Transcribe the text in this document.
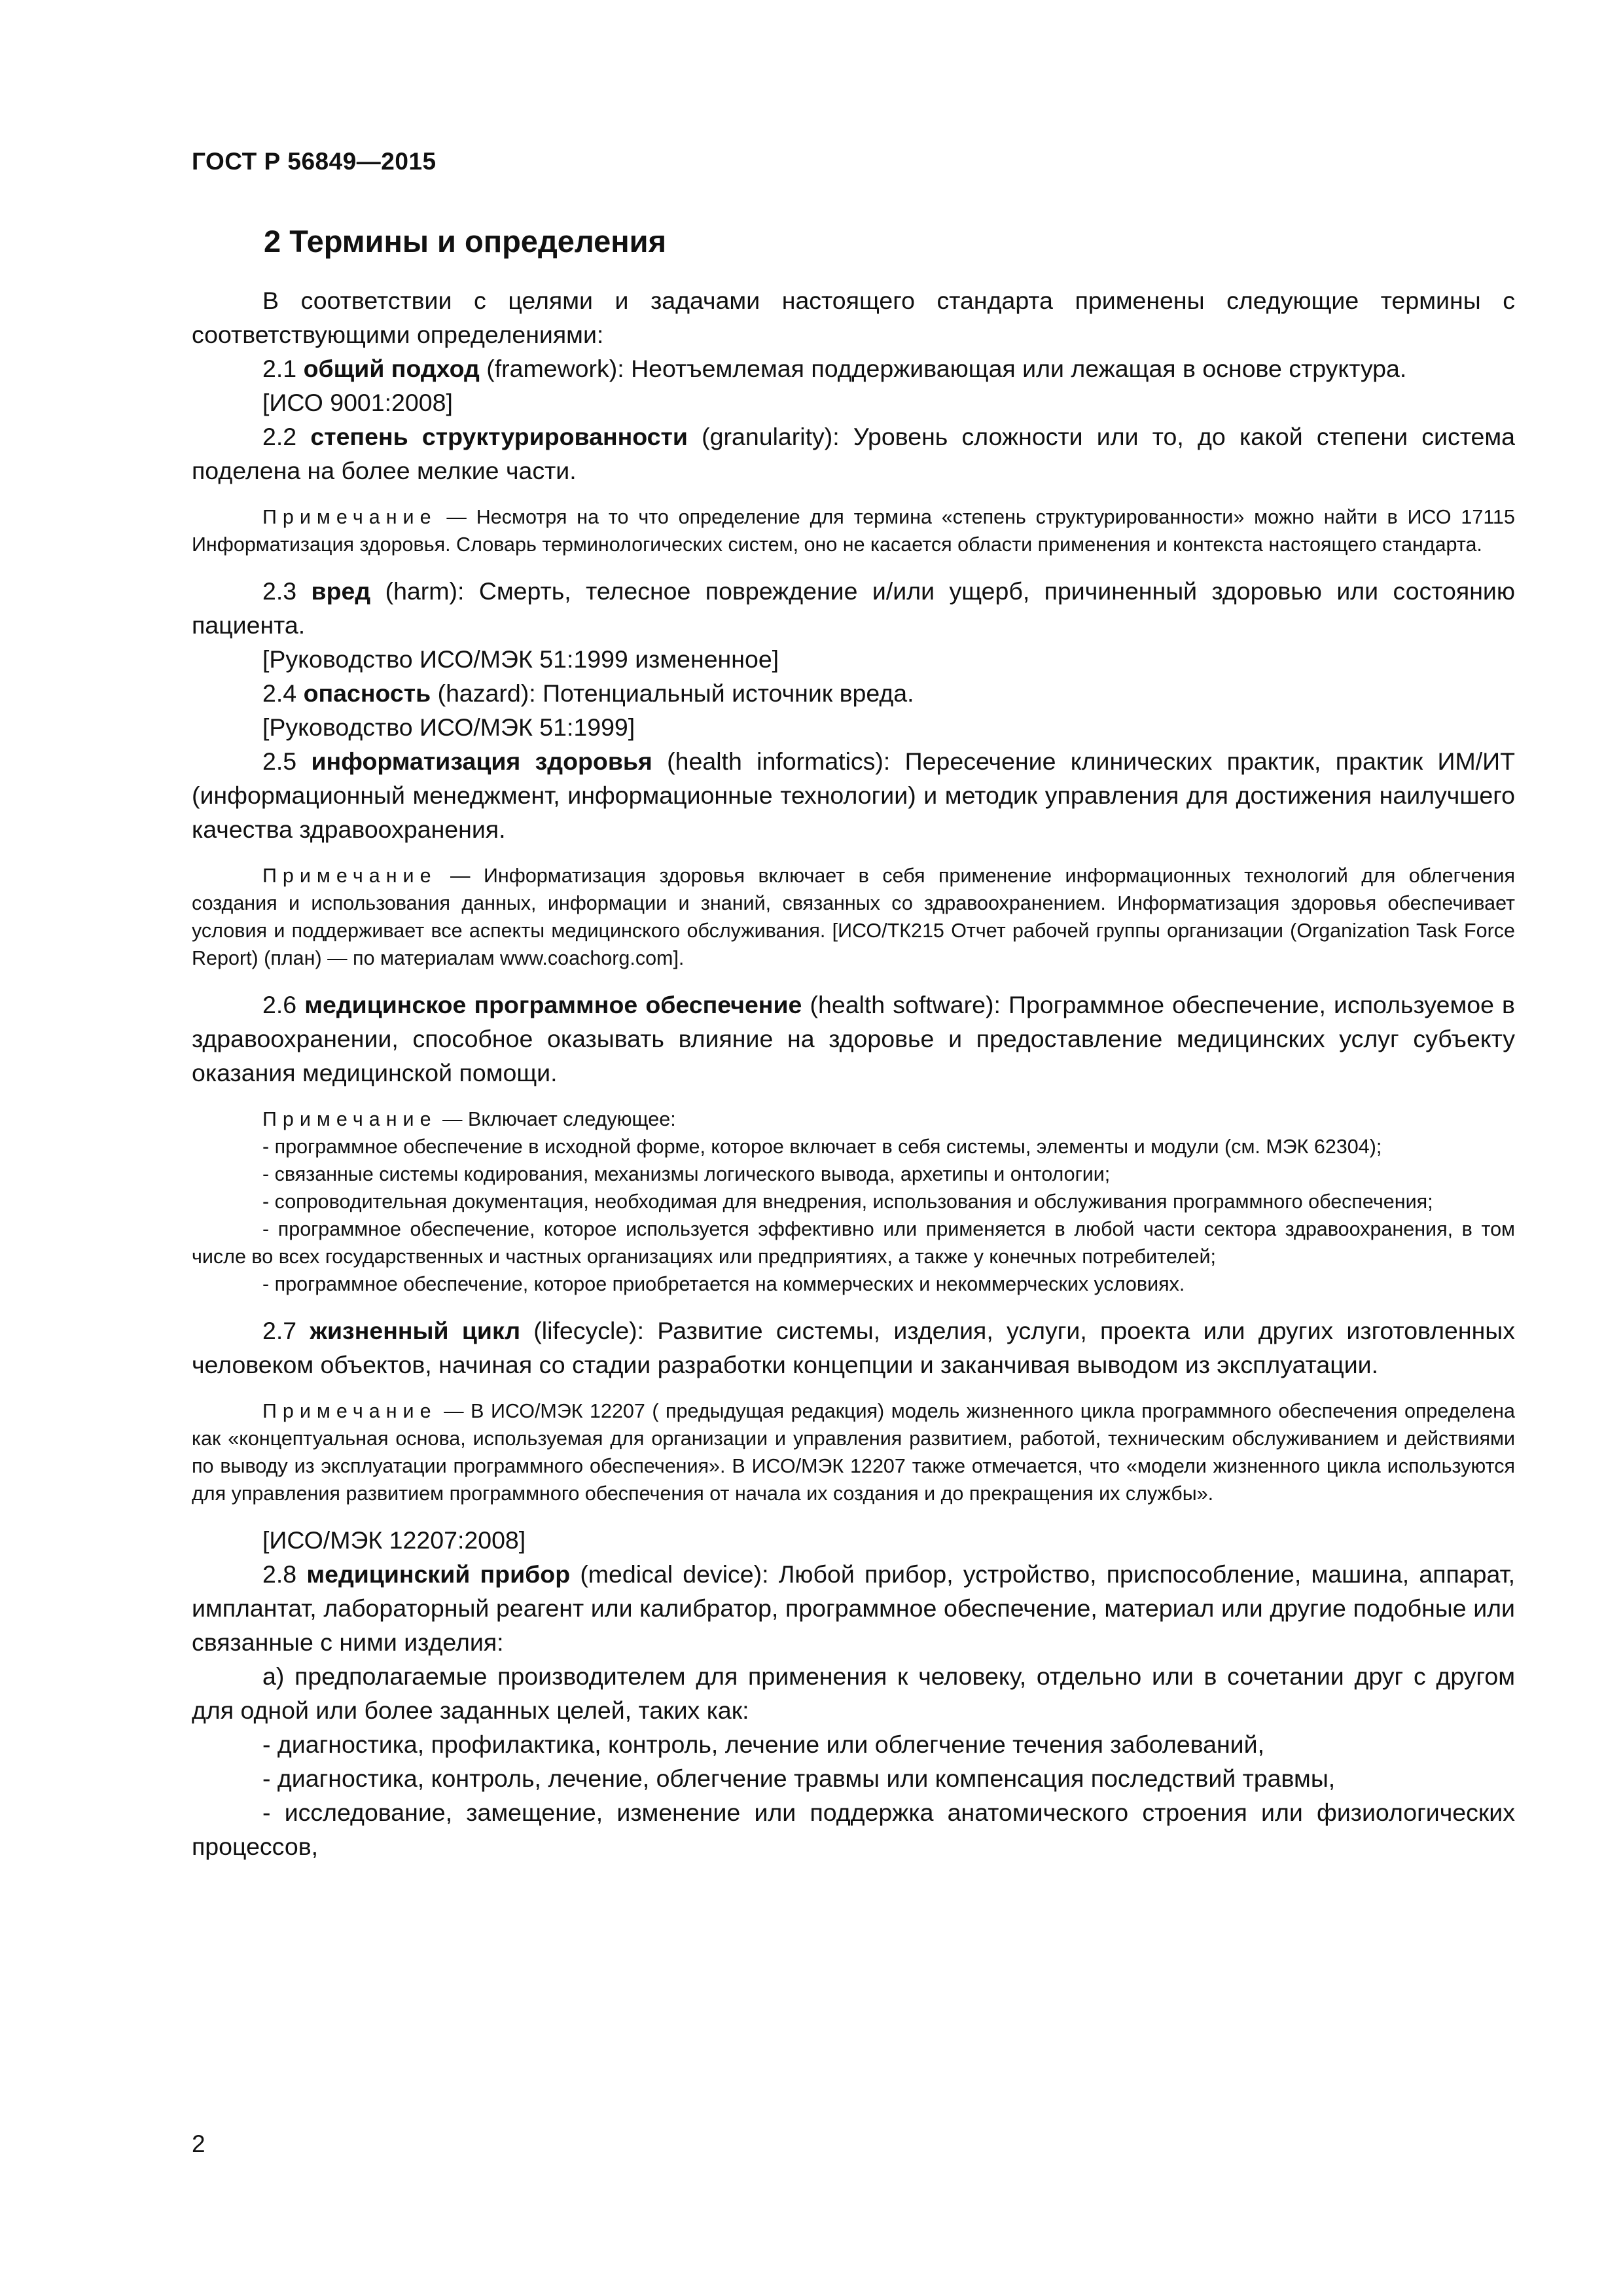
ГОСТ Р 56849—2015
2 Термины и определения

В соответствии с целями и задачами настоящего стандарта применены следующие термины с соответствующими определениями:

2.1 общий подход (framework): Неотъемлемая поддерживающая или лежащая в основе структура.

[ИСО 9001:2008]

2.2 степень структурированности (granularity): Уровень сложности или то, до какой степени система поделена на более мелкие части.

Примечание — Несмотря на то что определение для термина «степень структурированности» можно найти в ИСО 17115 Информатизация здоровья. Словарь терминологических систем, оно не касается области применения и контекста настоящего стандарта.

2.3 вред (harm): Смерть, телесное повреждение и/или ущерб, причиненный здоровью или состоянию пациента.

[Руководство ИСО/МЭК 51:1999 измененное]

2.4 опасность (hazard): Потенциальный источник вреда.

[Руководство ИСО/МЭК 51:1999]

2.5 информатизация здоровья (health informatics): Пересечение клинических практик, практик ИМ/ИТ (информационный менеджмент, информационные технологии) и методик управления для достижения наилучшего качества здравоохранения.

Примечание — Информатизация здоровья включает в себя применение информационных технологий для облегчения создания и использования данных, информации и знаний, связанных со здравоохранением. Информатизация здоровья обеспечивает условия и поддерживает все аспекты медицинского обслуживания. [ИСО/ТК215 Отчет рабочей группы организации (Organization Task Force Report) (план) — по материалам www.coachorg.com].

2.6 медицинское программное обеспечение (health software): Программное обеспечение, используемое в здравоохранении, способное оказывать влияние на здоровье и предоставление медицинских услуг субъекту оказания медицинской помощи.

Примечание — Включает следующее:

- программное обеспечение в исходной форме, которое включает в себя системы, элементы и модули (см. МЭК 62304);

- связанные системы кодирования, механизмы логического вывода, архетипы и онтологии;

- сопроводительная документация, необходимая для внедрения, использования и обслуживания программного обеспечения;

- программное обеспечение, которое используется эффективно или применяется в любой части сектора здравоохранения, в том числе во всех государственных и частных организациях или предприятиях, а также у конечных потребителей;

- программное обеспечение, которое приобретается на коммерческих и некоммерческих условиях.

2.7 жизненный цикл (lifecycle): Развитие системы, изделия, услуги, проекта или других изготовленных человеком объектов, начиная со стадии разработки концепции и заканчивая выводом из эксплуатации.

Примечание — В ИСО/МЭК 12207 ( предыдущая редакция) модель жизненного цикла программного обеспечения определена как «концептуальная основа, используемая для организации и управления развитием, работой, техническим обслуживанием и действиями по выводу из эксплуатации программного обеспечения». В ИСО/МЭК 12207 также отмечается, что «модели жизненного цикла используются для управления развитием программного обеспечения от начала их создания и до прекращения их службы».

[ИСО/МЭК 12207:2008]

2.8 медицинский прибор (medical device): Любой прибор, устройство, приспособление, машина, аппарат, имплантат, лабораторный реагент или калибратор, программное обеспечение, материал или другие подобные или связанные с ними изделия:

а) предполагаемые производителем для применения к человеку, отдельно или в сочетании друг с другом для одной или более заданных целей, таких как:

- диагностика, профилактика, контроль, лечение или облегчение течения заболеваний,

- диагностика, контроль, лечение, облегчение травмы или компенсация последствий травмы,

- исследование, замещение, изменение или поддержка анатомического строения или физиологических процессов,

2
